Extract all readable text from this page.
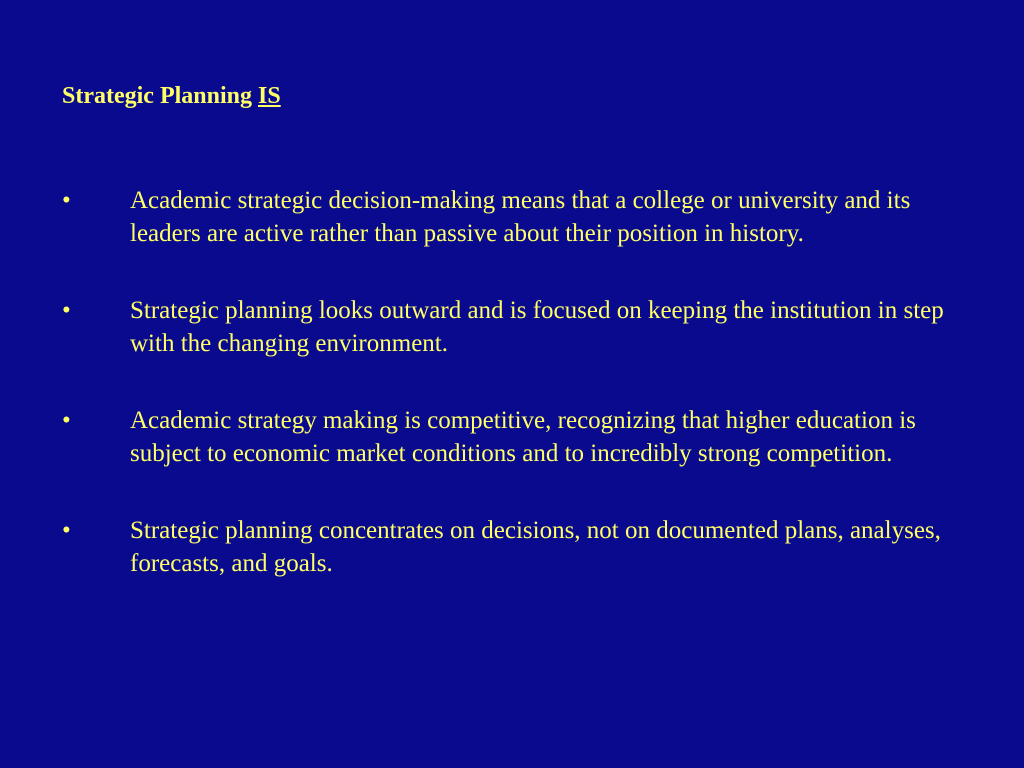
Strategic Planning IS
•	Academic strategic decision-making means that a college or university and its leaders are active rather than passive about their position in history.
•	Strategic planning looks outward and is focused on keeping the institution in step with the changing environment.
•	Academic strategy making is competitive, recognizing that higher education is subject to economic market conditions and to incredibly strong competition.
•	Strategic planning concentrates on decisions, not on documented plans, analyses, forecasts, and goals.
